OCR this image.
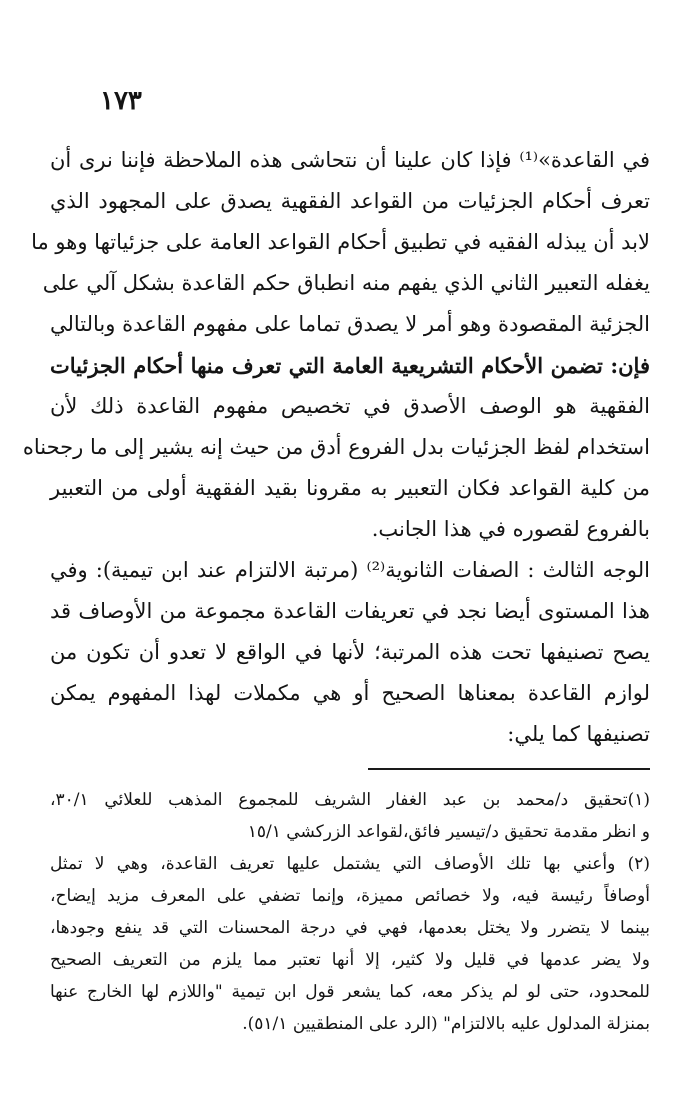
١٧٣
في القاعدة»⁽¹⁾ فإذا كان علينا أن نتحاشى هذه الملاحظة فإننا نرى أن
تعرف أحكام الجزئيات من القواعد الفقهية يصدق على المجهود الذي
لابد أن يبذله الفقيه في تطبيق أحكام القواعد العامة على جزئياتها وهو ما
يغفله التعبير الثاني الذي يفهم منه انطباق حكم القاعدة بشكل آلي على
الجزئية المقصودة وهو أمر لا يصدق تماما على مفهوم القاعدة وبالتالي
فإن: تضمن الأحكام التشريعية العامة التي تعرف منها أحكام الجزئيات
الفقهية هو الوصف الأصدق في تخصيص مفهوم القاعدة ذلك لأن
استخدام لفظ الجزئيات بدل الفروع أدق من حيث إنه يشير إلى ما رجحناه
من كلية القواعد فكان التعبير به مقرونا بقيد الفقهية أولى من التعبير
بالفروع لقصوره في هذا الجانب.
الوجه الثالث : الصفات الثانوية⁽²⁾ (مرتبة الالتزام عند ابن تيمية): وفي
هذا المستوى أيضا نجد في تعريفات القاعدة مجموعة من الأوصاف قد
يصح تصنيفها تحت هذه المرتبة؛ لأنها في الواقع لا تعدو أن تكون من
لوازم القاعدة بمعناها الصحيح أو هي مكملات لهذا المفهوم يمكن
تصنيفها كما يلي:
(١)تحقيق د/محمد بن عبد الغفار الشريف للمجموع المذهب للعلائي ٣٠/١،
و انظر مقدمة تحقيق د/تيسير فائق،لقواعد الزركشي ١٥/١
(٢) وأعني بها تلك الأوصاف التي يشتمل عليها تعريف القاعدة، وهي لا تمثل
أوصافاً رئيسة فيه، ولا خصائص مميزة، وإنما تضفي على المعرف مزيد إيضاح،
بينما لا يتضرر ولا يختل بعدمها، فهي في درجة المحسنات التي قد ينفع وجودها،
ولا يضر عدمها في قليل ولا كثير، إلا أنها تعتبر مما يلزم من التعريف الصحيح
للمحدود، حتى لو لم يذكر معه، كما يشعر قول ابن تيمية "واللازم لها الخارج عنها
بمنزلة المدلول عليه بالالتزام" (الرد على المنطقيين ٥١/١).
